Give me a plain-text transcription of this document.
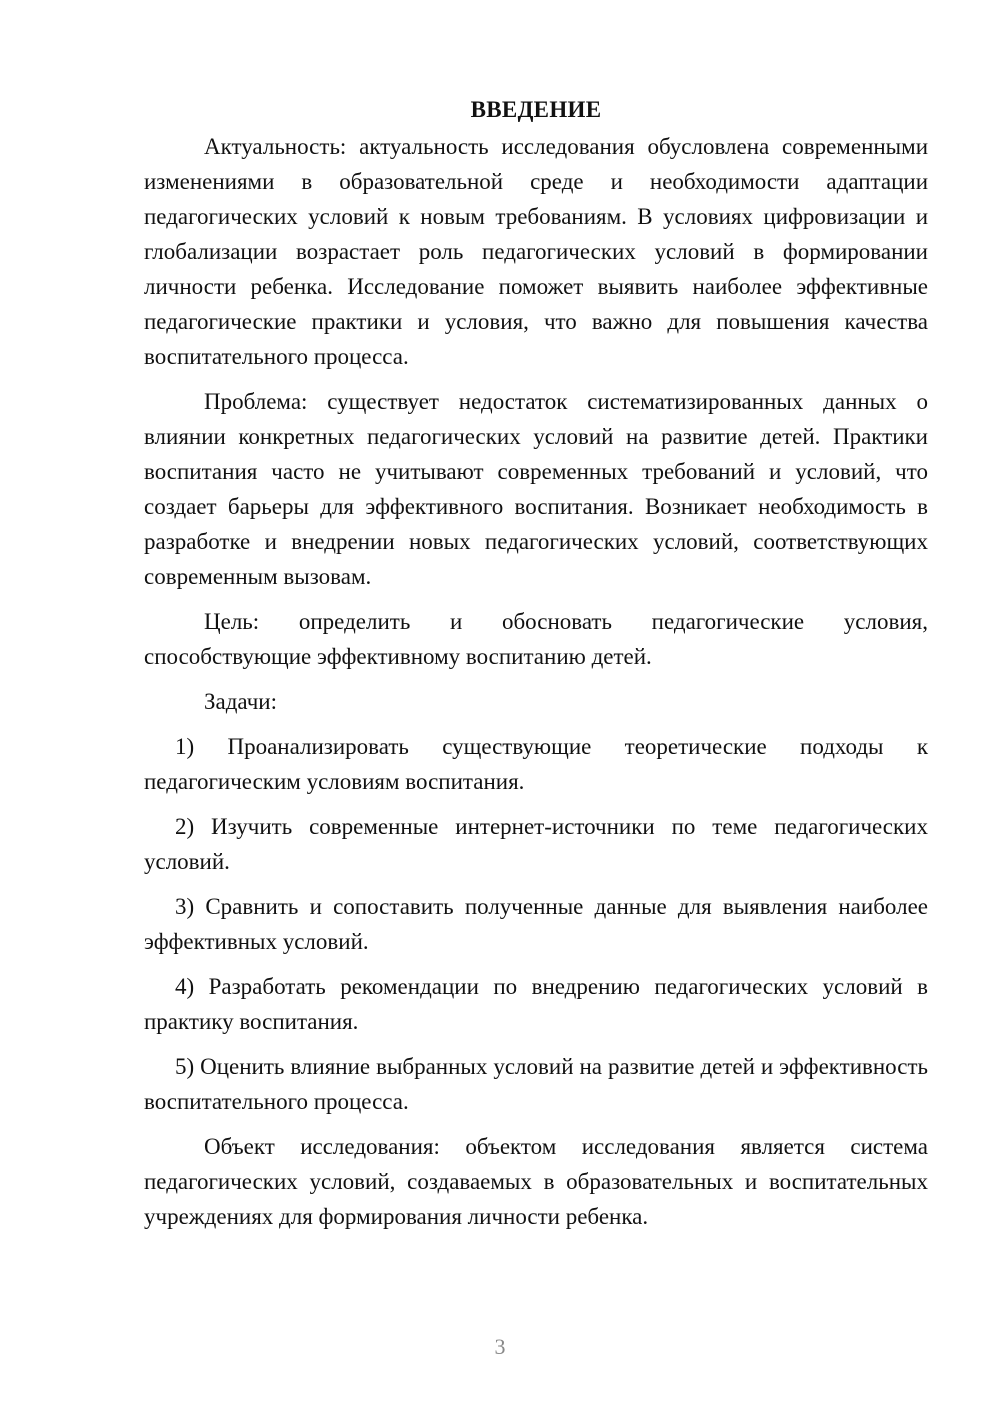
ВВЕДЕНИЕ

Актуальность: актуальность исследования обусловлена современными изменениями в образовательной среде и необходимости адаптации педагогических условий к новым требованиям. В условиях цифровизации и глобализации возрастает роль педагогических условий в формировании личности ребенка. Исследование поможет выявить наиболее эффективные педагогические практики и условия, что важно для повышения качества воспитательного процесса.

Проблема: существует недостаток систематизированных данных о влиянии конкретных педагогических условий на развитие детей. Практики воспитания часто не учитывают современных требований и условий, что создает барьеры для эффективного воспитания. Возникает необходимость в разработке и внедрении новых педагогических условий, соответствующих современным вызовам.

Цель: определить и обосновать педагогические условия, способствующие эффективному воспитанию детей.

Задачи:

1) Проанализировать существующие теоретические подходы к педагогическим условиям воспитания.

2) Изучить современные интернет-источники по теме педагогических условий.

3) Сравнить и сопоставить полученные данные для выявления наиболее эффективных условий.

4) Разработать рекомендации по внедрению педагогических условий в практику воспитания.

5) Оценить влияние выбранных условий на развитие детей и эффективность воспитательного процесса.

Объект исследования: объектом исследования является система педагогических условий, создаваемых в образовательных и воспитательных учреждениях для формирования личности ребенка.

3
